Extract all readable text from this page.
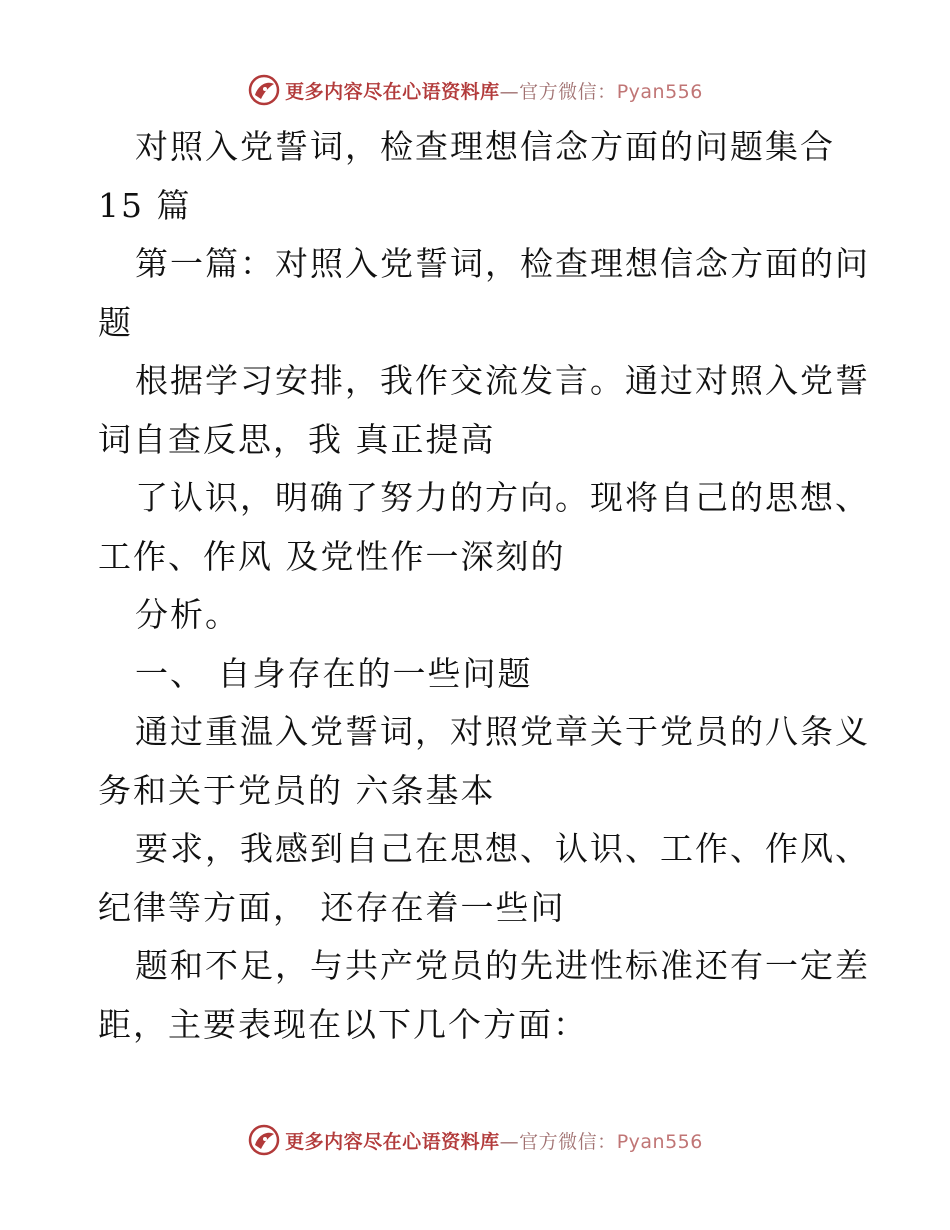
更多内容尽在心语资料库—官方微信：Pyan556
对照入党誓词，检查理想信念方面的问题集合
15 篇
第一篇：对照入党誓词，检查理想信念方面的问
题
根据学习安排，我作交流发言。通过对照入党誓
词自查反思，我 真正提高
了认识，明确了努力的方向。现将自己的思想、
工作、作风 及党性作一深刻的
分析。
一、 自身存在的一些问题
通过重温入党誓词，对照党章关于党员的八条义
务和关于党员的 六条基本
要求，我感到自己在思想、认识、工作、作风、
纪律等方面， 还存在着一些问
题和不足，与共产党员的先进性标准还有一定差
距，主要表现在以下几个方面：
更多内容尽在心语资料库—官方微信：Pyan556
